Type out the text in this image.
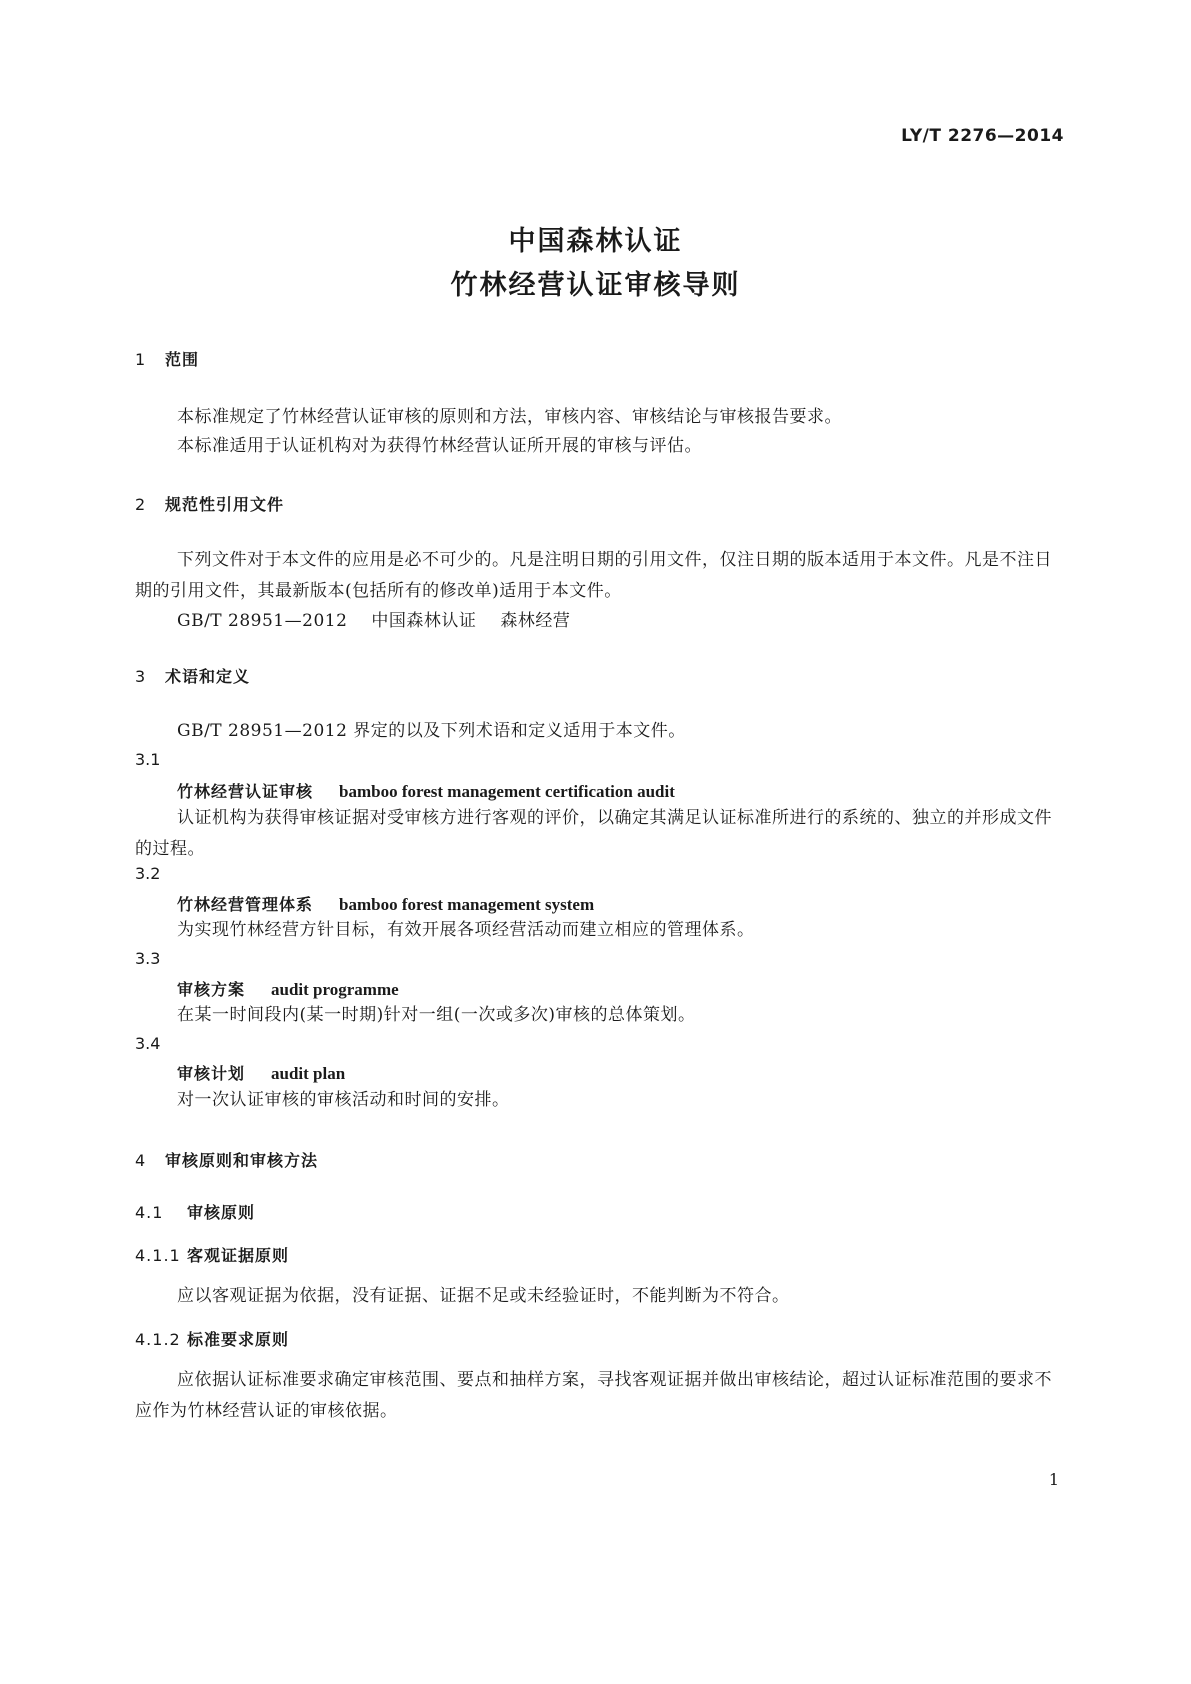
LY/T 2276—2014
中国森林认证
竹林经营认证审核导则
1 范围
本标准规定了竹林经营认证审核的原则和方法，审核内容、审核结论与审核报告要求。
本标准适用于认证机构对为获得竹林经营认证所开展的审核与评估。
2 规范性引用文件
下列文件对于本文件的应用是必不可少的。凡是注明日期的引用文件，仅注日期的版本适用于本文件。凡是不注日期的引用文件，其最新版本(包括所有的修改单)适用于本文件。
GB/T 28951—2012 中国森林认证 森林经营
3 术语和定义
GB/T 28951—2012 界定的以及下列术语和定义适用于本文件。
3.1
竹林经营认证审核 bamboo forest management certification audit
认证机构为获得审核证据对受审核方进行客观的评价，以确定其满足认证标准所进行的系统的、独立的并形成文件的过程。
3.2
竹林经营管理体系 bamboo forest management system
为实现竹林经营方针目标，有效开展各项经营活动而建立相应的管理体系。
3.3
审核方案 audit programme
在某一时间段内(某一时期)针对一组(一次或多次)审核的总体策划。
3.4
审核计划 audit plan
对一次认证审核的审核活动和时间的安排。
4 审核原则和审核方法
4.1 审核原则
4.1.1 客观证据原则
应以客观证据为依据，没有证据、证据不足或未经验证时，不能判断为不符合。
4.1.2 标准要求原则
应依据认证标准要求确定审核范围、要点和抽样方案，寻找客观证据并做出审核结论，超过认证标准范围的要求不应作为竹林经营认证的审核依据。
1
